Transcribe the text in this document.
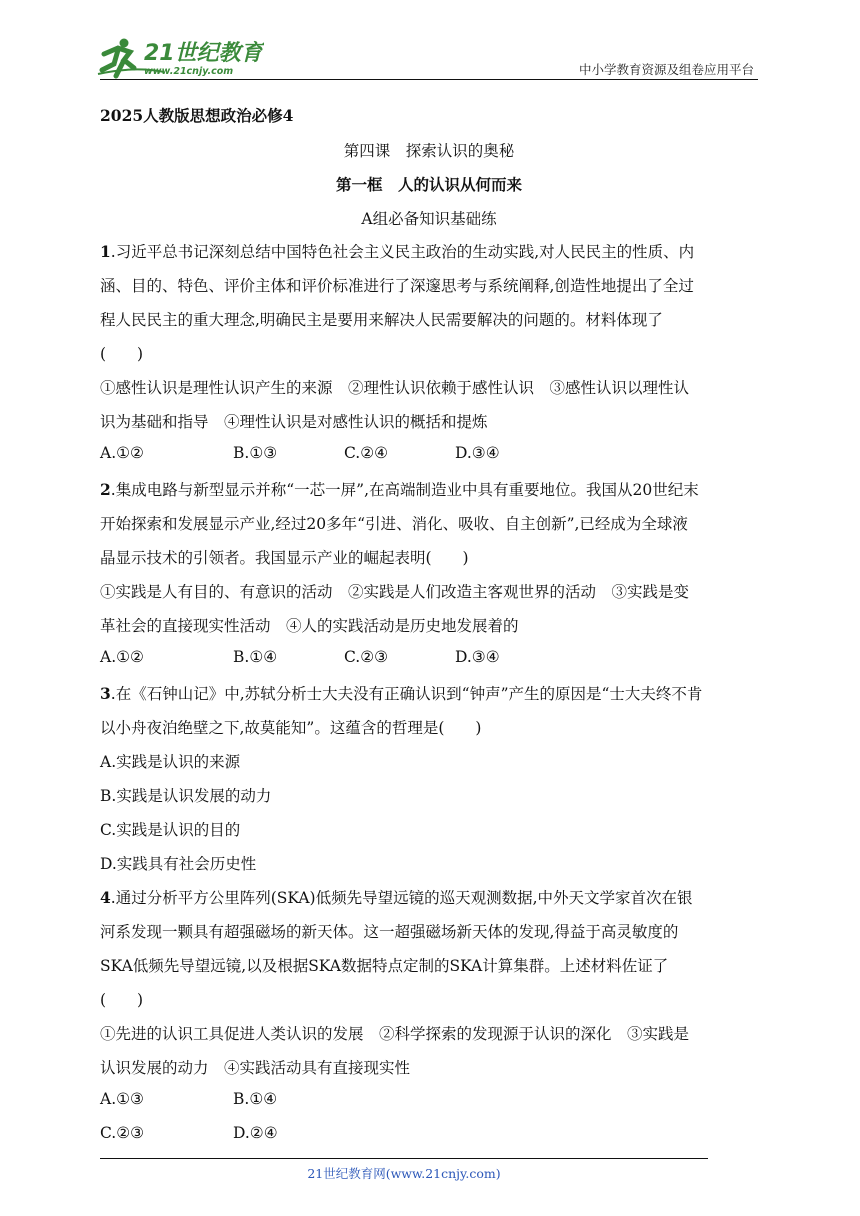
21世纪教育
www.21cnjy.com	中小学教育资源及组卷应用平台
2025人教版思想政治必修4
第四课　探索认识的奥秘
第一框　人的认识从何而来
A组必备知识基础练
1.习近平总书记深刻总结中国特色社会主义民主政治的生动实践,对人民民主的性质、内
涵、目的、特色、评价主体和评价标准进行了深邃思考与系统阐释,创造性地提出了全过
程人民民主的重大理念,明确民主是要用来解决人民需要解决的问题的。材料体现了
(　　)
①感性认识是理性认识产生的来源　②理性认识依赖于感性认识　③感性认识以理性认
识为基础和指导　④理性认识是对感性认识的概括和提炼
A.①②	B.①③	C.②④	D.③④
2.集成电路与新型显示并称“一芯一屏”,在高端制造业中具有重要地位。我国从20世纪末
开始探索和发展显示产业,经过20多年“引进、消化、吸收、自主创新”,已经成为全球液
晶显示技术的引领者。我国显示产业的崛起表明(　　)
①实践是人有目的、有意识的活动　②实践是人们改造主客观世界的活动　③实践是变
革社会的直接现实性活动　④人的实践活动是历史地发展着的
A.①②	B.①④	C.②③	D.③④
3.在《石钟山记》中,苏轼分析士大夫没有正确认识到“钟声”产生的原因是“士大夫终不肯
以小舟夜泊绝壁之下,故莫能知”。这蕴含的哲理是(　　)
A.实践是认识的来源
B.实践是认识发展的动力
C.实践是认识的目的
D.实践具有社会历史性
4.通过分析平方公里阵列(SKA)低频先导望远镜的巡天观测数据,中外天文学家首次在银
河系发现一颗具有超强磁场的新天体。这一超强磁场新天体的发现,得益于高灵敏度的
SKA低频先导望远镜,以及根据SKA数据特点定制的SKA计算集群。上述材料佐证了
(　　)
①先进的认识工具促进人类认识的发展　②科学探索的发现源于认识的深化　③实践是
认识发展的动力　④实践活动具有直接现实性
A.①③	B.①④
C.②③	D.②④
21世纪教育网(www.21cnjy.com)
